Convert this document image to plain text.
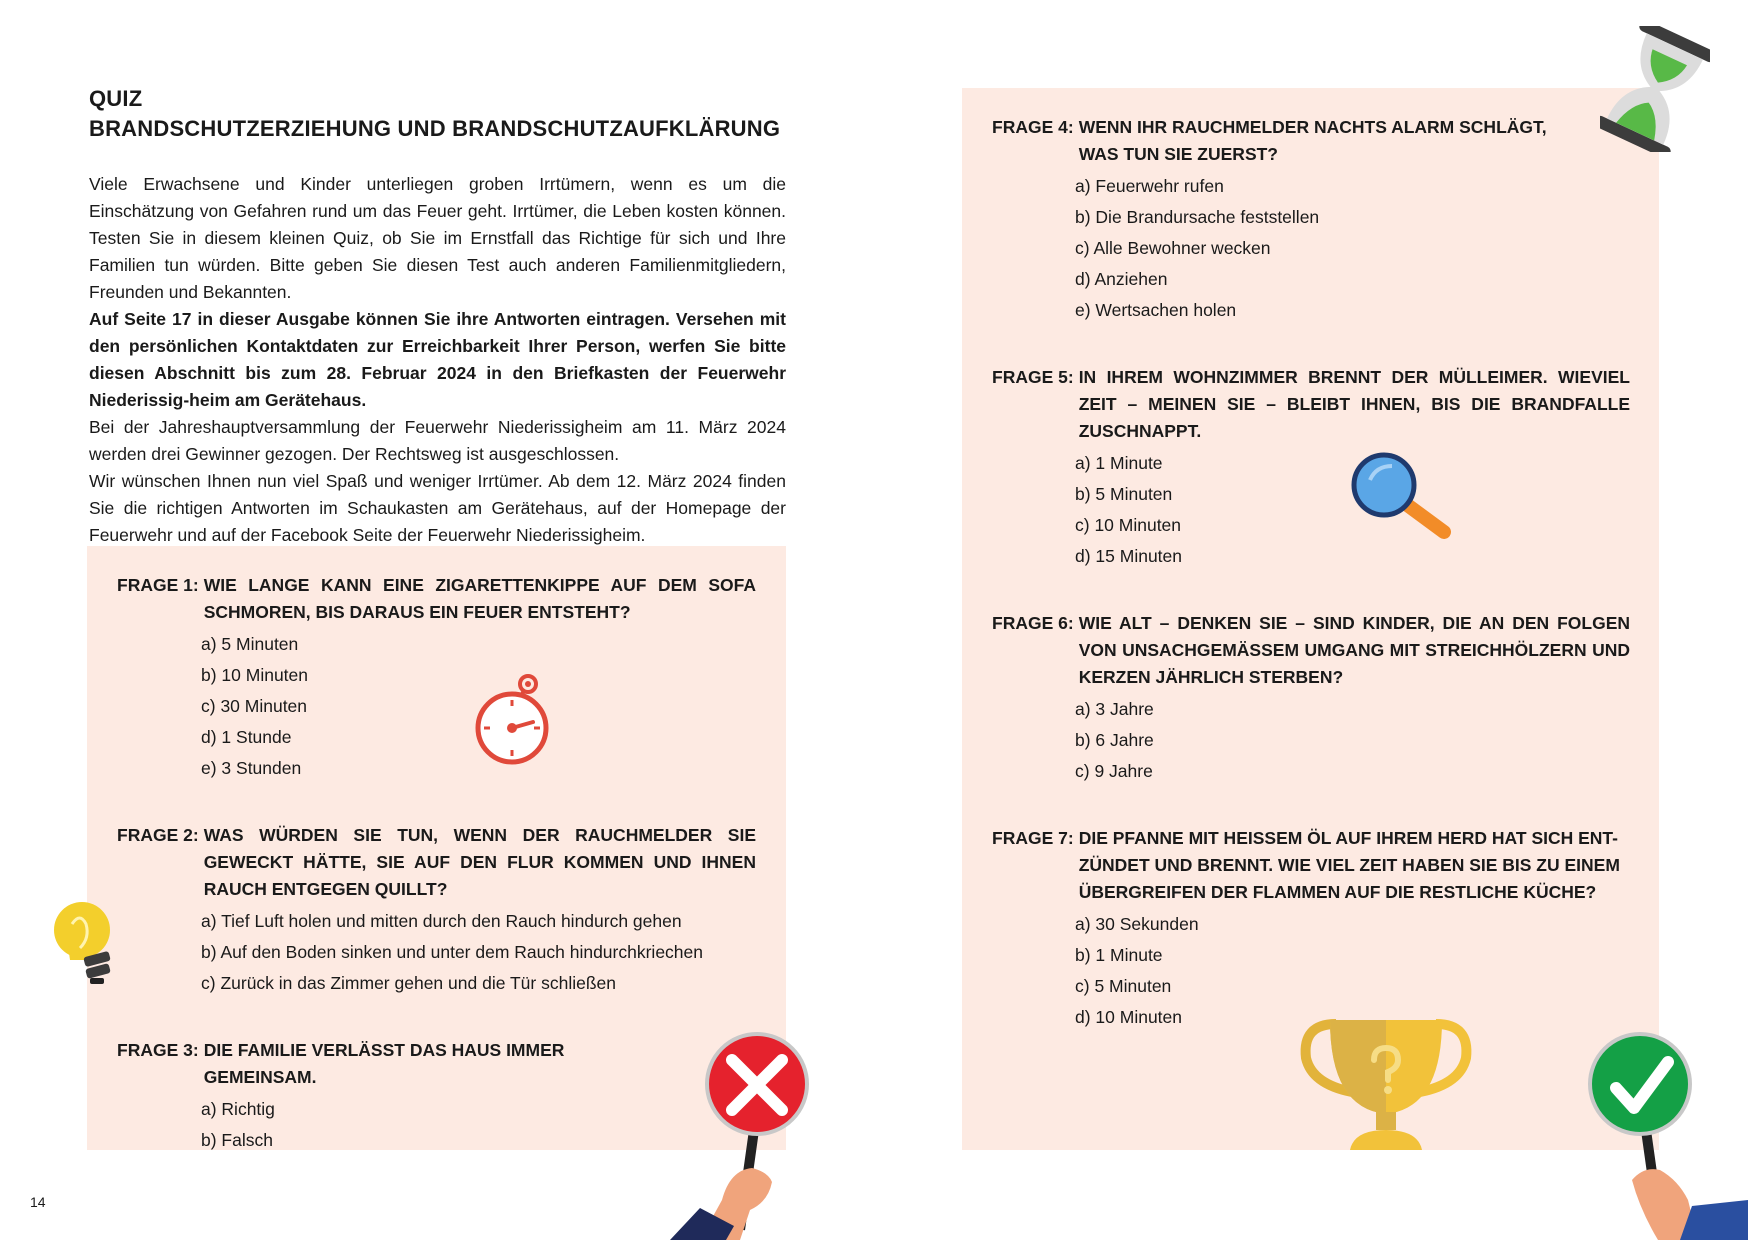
QUIZ
BRANDSCHUTZERZIEHUNG UND BRANDSCHUTZAUFKLÄRUNG

Viele Erwachsene und Kinder unterliegen groben Irrtümern, wenn es um die Einschätzung von Gefahren rund um das Feuer geht. Irrtümer, die Leben kosten können. Testen Sie in diesem kleinen Quiz, ob Sie im Ernstfall das Richtige für sich und Ihre Familien tun würden. Bitte geben Sie diesen Test auch anderen Familienmitgliedern, Freunden und Bekannten.

Auf Seite 17 in dieser Ausgabe können Sie ihre Antworten eintragen. Versehen mit den persönlichen Kontaktdaten zur Erreichbarkeit Ihrer Person, werfen Sie bitte diesen Abschnitt bis zum 28. Februar 2024 in den Briefkasten der Feuerwehr Niederissig-heim am Gerätehaus.

Bei der Jahreshauptversammlung der Feuerwehr Niederissigheim am 11. März 2024 werden drei Gewinner gezogen. Der Rechtsweg ist ausgeschlossen.

Wir wünschen Ihnen nun viel Spaß und weniger Irrtümer. Ab dem 12. März 2024 finden Sie die richtigen Antworten im Schaukasten am Gerätehaus, auf der Homepage der Feuerwehr und auf der Facebook Seite der Feuerwehr Niederissigheim.

FRAGE 1: WIE LANGE KANN EINE ZIGARETTENKIPPE AUF DEM SOFA SCHMOREN, BIS DARAUS EIN FEUER ENTSTEHT?
a) 5 Minuten
b) 10 Minuten
c) 30 Minuten
d) 1 Stunde
e) 3 Stunden
FRAGE 2: WAS WÜRDEN SIE TUN, WENN DER RAUCHMELDER SIE GEWECKT HÄTTE, SIE AUF DEN FLUR KOMMEN UND IHNEN RAUCH ENTGEGEN QUILLT?
a) Tief Luft holen und mitten durch den Rauch hindurch gehen
b) Auf den Boden sinken und unter dem Rauch hindurchkriechen
c) Zurück in das Zimmer gehen und die Tür schließen
FRAGE 3: DIE FAMILIE VERLÄSST DAS HAUS IMMER GEMEINSAM.
a) Richtig
b) Falsch
FRAGE 4: WENN IHR RAUCHMELDER NACHTS ALARM SCHLÄGT, WAS TUN SIE ZUERST?
a) Feuerwehr rufen
b) Die Brandursache feststellen
c) Alle Bewohner wecken
d) Anziehen
e) Wertsachen holen
FRAGE 5: IN IHREM WOHNZIMMER BRENNT DER MÜLLEIMER. WIEVIEL ZEIT – MEINEN SIE – BLEIBT IHNEN, BIS DIE BRANDFALLE ZUSCHNAPPT.
a) 1 Minute
b) 5 Minuten
c) 10 Minuten
d) 15 Minuten
FRAGE 6: WIE ALT – DENKEN SIE – SIND KINDER, DIE AN DEN FOLGEN VON UNSACHGEMÄSSEM UMGANG MIT STREICHHÖLZERN UND KERZEN JÄHRLICH STERBEN?
a) 3 Jahre
b) 6 Jahre
c) 9 Jahre
FRAGE 7: DIE PFANNE MIT HEISSEM ÖL AUF IHREM HERD HAT SICH ENT-ZÜNDET UND BRENNT. WIE VIEL ZEIT HABEN SIE BIS ZU EINEM ÜBERGREIFEN DER FLAMMEN AUF DIE RESTLICHE KÜCHE?
a) 30 Sekunden
b) 1 Minute
c) 5 Minuten
d) 10 Minuten
14
